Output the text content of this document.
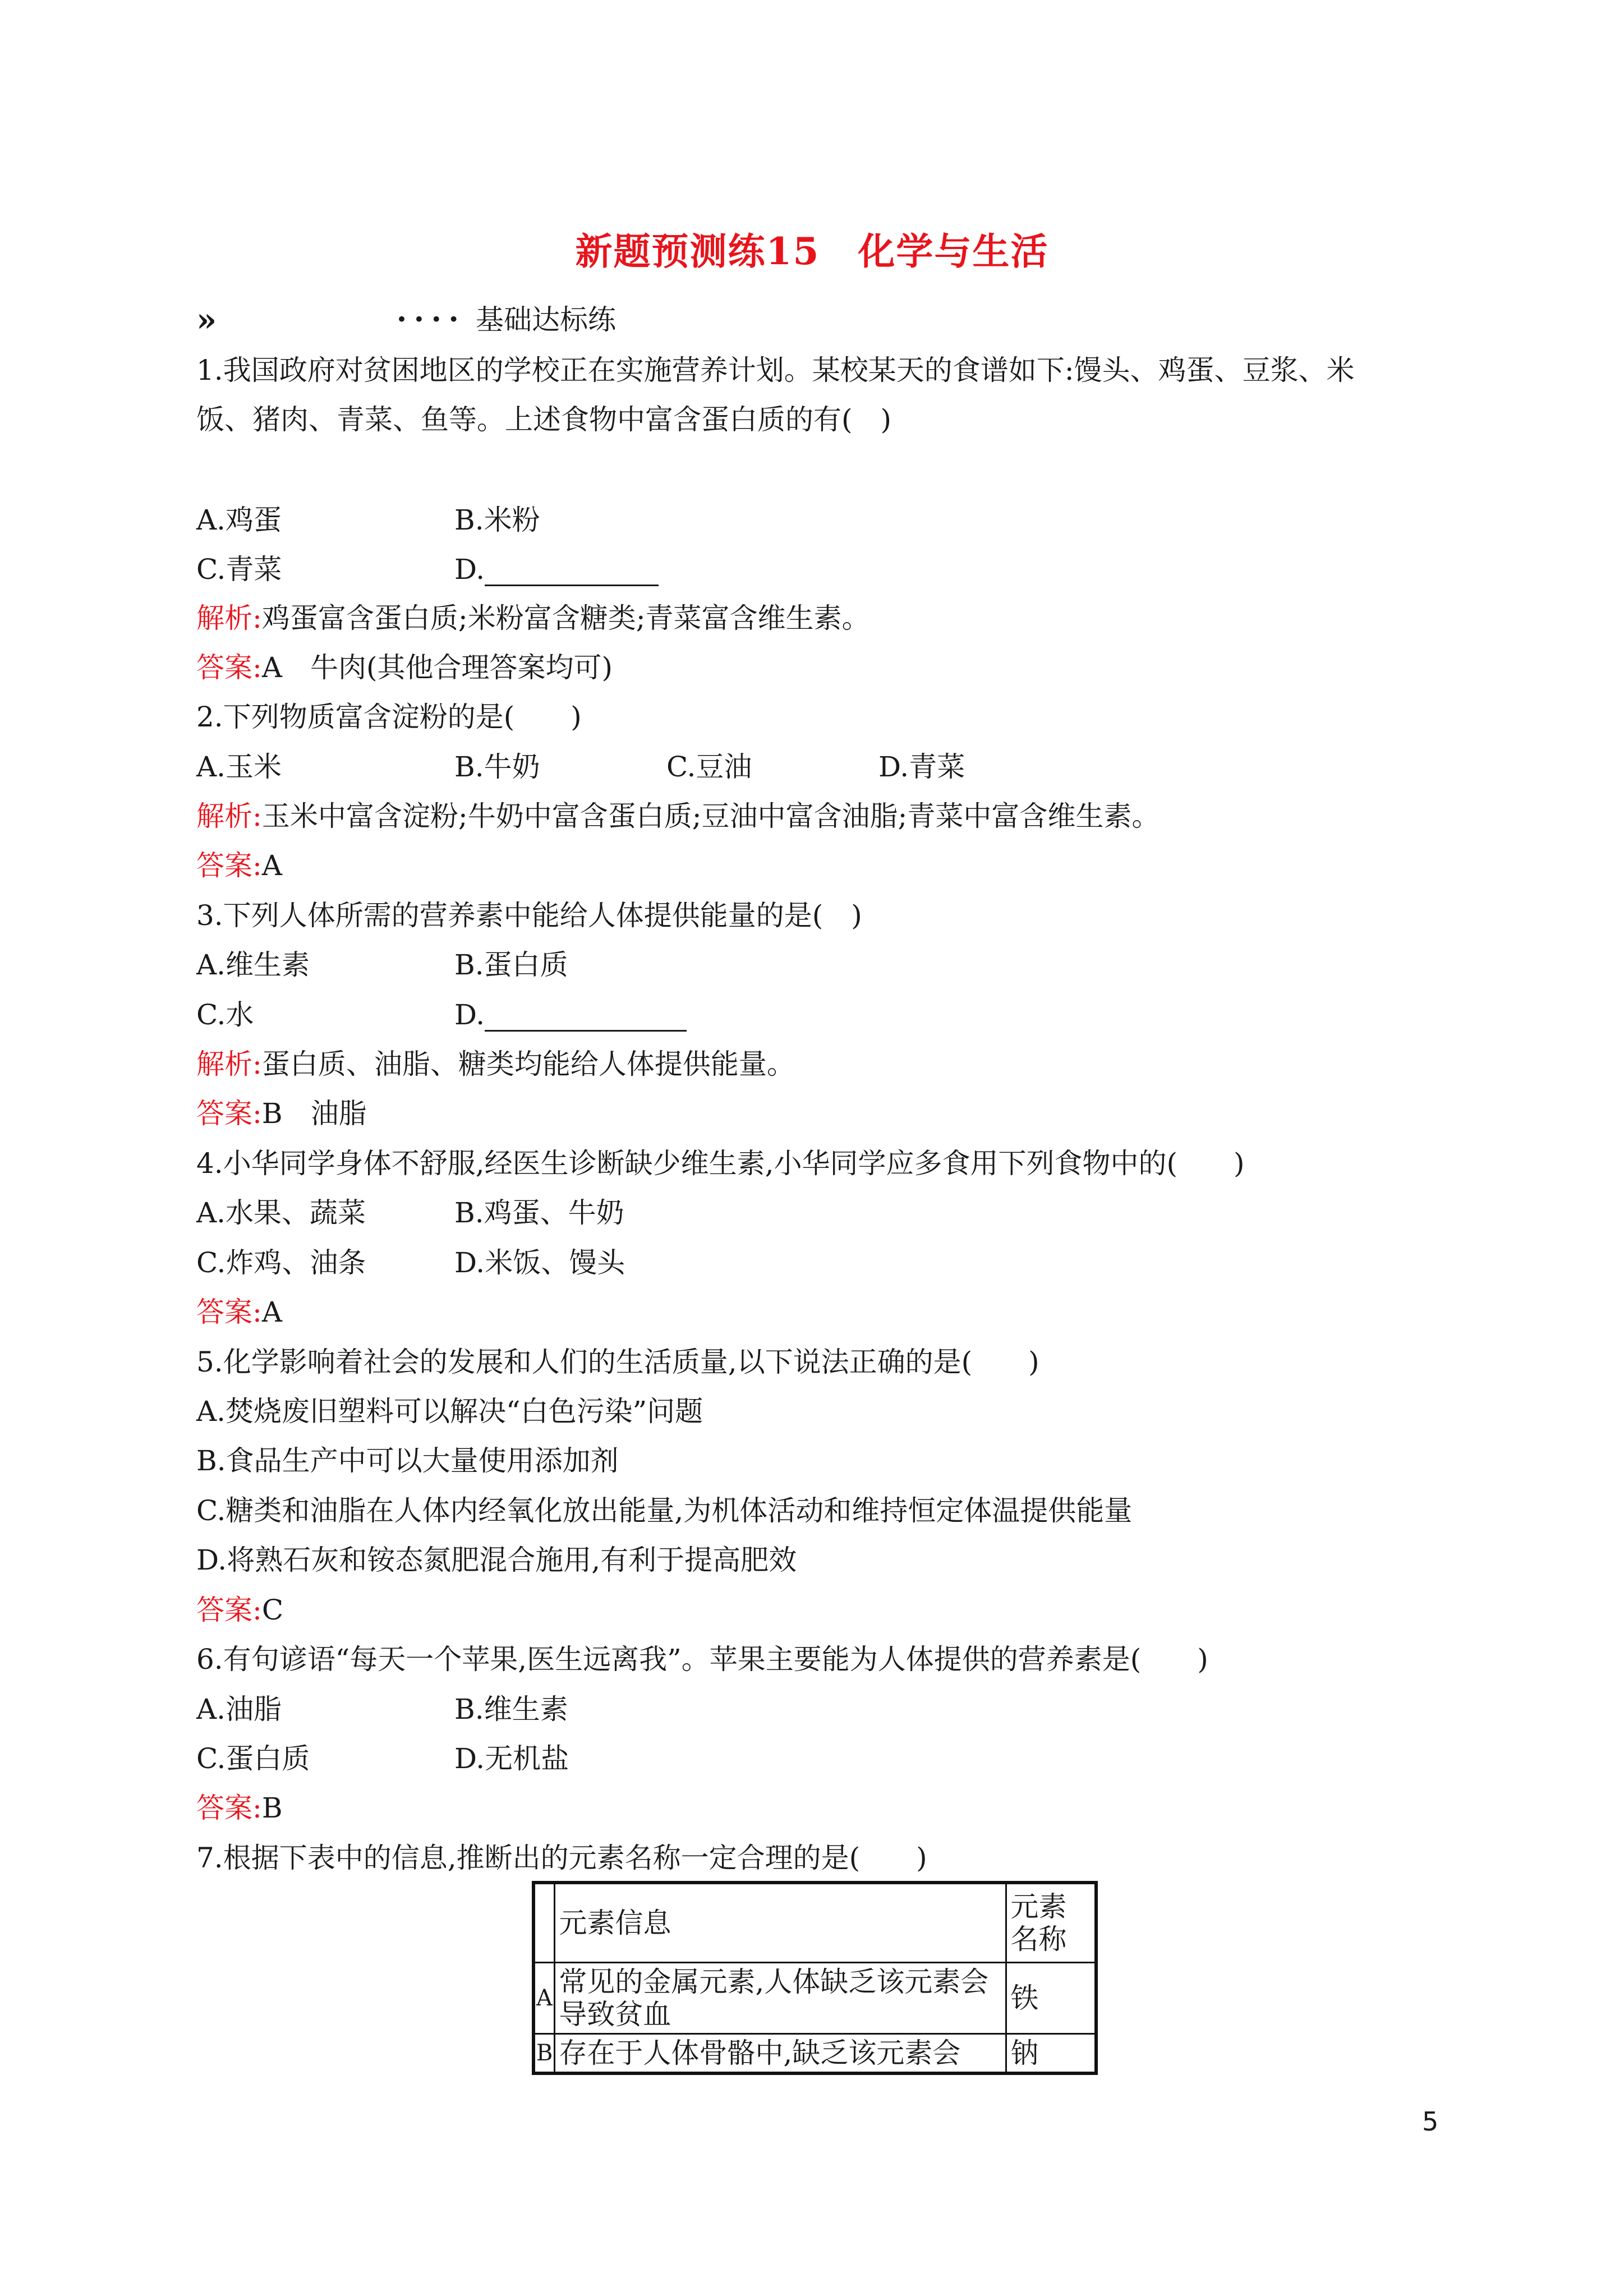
新题预测练15　化学与生活
»	• • • • 基础达标练
1.我国政府对贫困地区的学校正在实施营养计划。某校某天的食谱如下:馒头、鸡蛋、豆浆、米
饭、猪肉、青菜、鱼等。上述食物中富含蛋白质的有(　)
A.鸡蛋	B.米粉
C.青菜	D.
解析:鸡蛋富含蛋白质;米粉富含糖类;青菜富含维生素。
答案:A　牛肉(其他合理答案均可)
2.下列物质富含淀粉的是(　　)
A.玉米	B.牛奶	C.豆油	D.青菜
解析:玉米中富含淀粉;牛奶中富含蛋白质;豆油中富含油脂;青菜中富含维生素。
答案:A
3.下列人体所需的营养素中能给人体提供能量的是(　)
A.维生素	B.蛋白质
C.水	D.
解析:蛋白质、油脂、糖类均能给人体提供能量。
答案:B　油脂
4.小华同学身体不舒服,经医生诊断缺少维生素,小华同学应多食用下列食物中的(　　)
A.水果、蔬菜	B.鸡蛋、牛奶
C.炸鸡、油条	D.米饭、馒头
答案:A
5.化学影响着社会的发展和人们的生活质量,以下说法正确的是(　　)
A.焚烧废旧塑料可以解决“白色污染”问题
B.食品生产中可以大量使用添加剂
C.糖类和油脂在人体内经氧化放出能量,为机体活动和维持恒定体温提供能量
D.将熟石灰和铵态氮肥混合施用,有利于提高肥效
答案:C
6.有句谚语“每天一个苹果,医生远离我”。苹果主要能为人体提供的营养素是(　　)
A.油脂	B.维生素
C.蛋白质	D.无机盐
答案:B
7.根据下表中的信息,推断出的元素名称一定合理的是(　　)
	元素信息	元素名称
A	常见的金属元素,人体缺乏该元素会导致贫血	铁
B	存在于人体骨骼中,缺乏该元素会	钠
5
